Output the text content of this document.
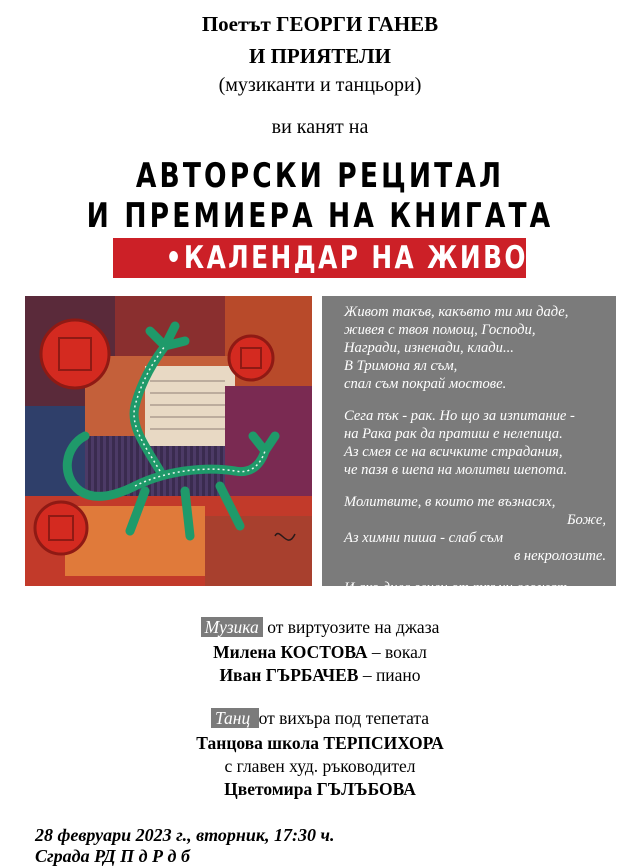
Поетът ГЕОРГИ ГАНЕВ
И ПРИЯТЕЛИ
(музиканти и танцьори)
ви канят на
АВТОРСКИ РЕЦИТАЛ
И ПРЕМИЕРА НА КНИГАТА
•КАЛЕНДАР НА ЖИВОТА•

Живот такъв, какъвто ти ми даде,
живея с твоя помощ, Господи,
Награди, изненади, клади...
В Тримона ял съм,
спал съм покрай мостове.

Сега пък - рак. Но що за изпитание -
на Рака рак да пратиш е нелепица.
Аз смея се на всичките страдания,
че пазя в шепа на молитви шепота.

Молитвите, в които те възнасях,
Боже,
Аз химни пиша - слаб съм
в некролозите.

И ако днес венец от тръни сложат
на челото ми, утре ще са рози те.

Музика от виртуозите на джаза
Милена КОСТОВА – вокал
Иван ГЪРБАЧЕВ – пиано
Танц от вихъра под тепетата
Танцова школа ТЕРПСИХОРА
с главен худ. ръководител
Цветомира ГЪЛЪБОВА
28 февруари 2023 г., вторник, 17:30 ч.
Сграда РД П д Р д б
